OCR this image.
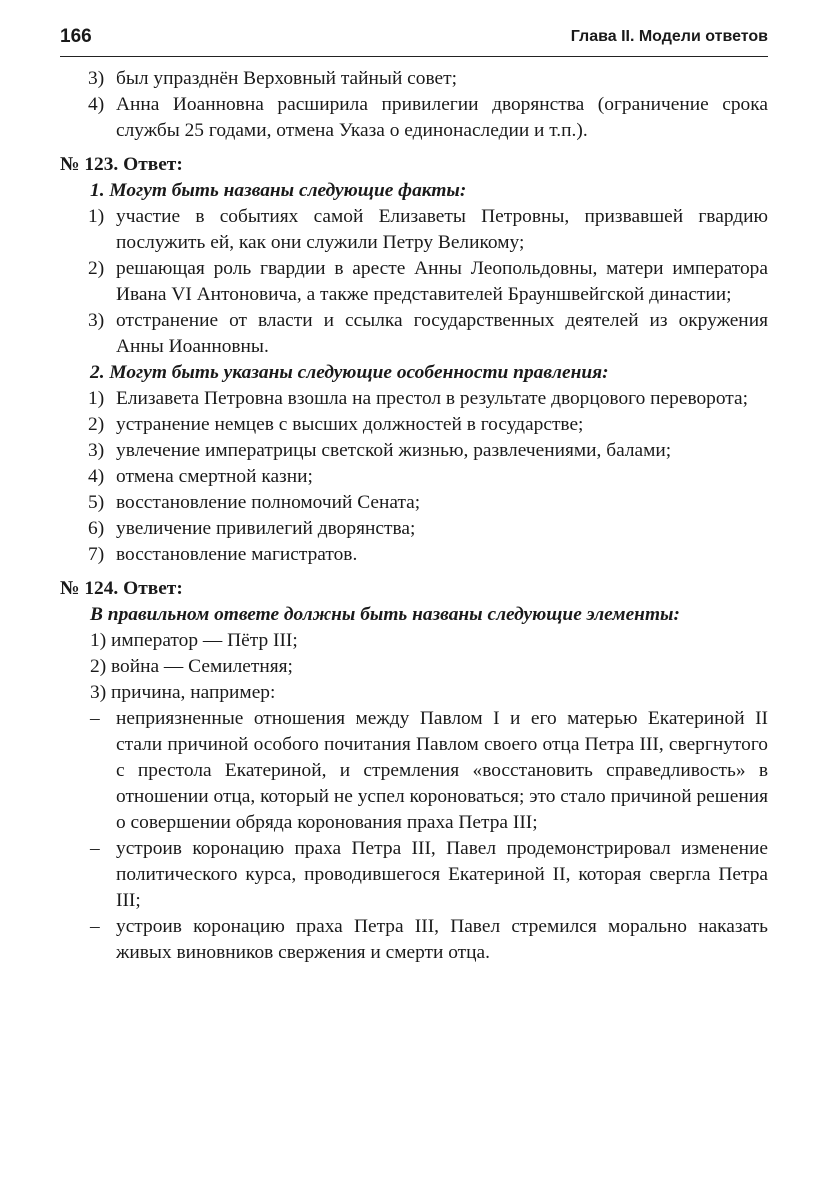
166	Глава II. Модели ответов
3) был упразднён Верховный тайный совет;
4) Анна Иоанновна расширила привилегии дворянства (ограничение срока службы 25 годами, отмена Указа о единонаследии и т.п.).
№ 123. Ответ:
1. Могут быть названы следующие факты:
1) участие в событиях самой Елизаветы Петровны, призвавшей гвардию послужить ей, как они служили Петру Великому;
2) решающая роль гвардии в аресте Анны Леопольдовны, матери императора Ивана VI Антоновича, а также представителей Брауншвейгской династии;
3) отстранение от власти и ссылка государственных деятелей из окружения Анны Иоанновны.
2. Могут быть указаны следующие особенности правления:
1) Елизавета Петровна взошла на престол в результате дворцового переворота;
2) устранение немцев с высших должностей в государстве;
3) увлечение императрицы светской жизнью, развлечениями, балами;
4) отмена смертной казни;
5) восстановление полномочий Сената;
6) увеличение привилегий дворянства;
7) восстановление магистратов.
№ 124. Ответ:
В правильном ответе должны быть названы следующие элементы:
1) император — Пётр III;
2) война — Семилетняя;
3) причина, например:
– неприязненные отношения между Павлом I и его матерью Екатериной II стали причиной особого почитания Павлом своего отца Петра III, свергнутого с престола Екатериной, и стремления «восстановить справедливость» в отношении отца, который не успел короноваться; это стало причиной решения о совершении обряда коронования праха Петра III;
– устроив коронацию праха Петра III, Павел продемонстрировал изменение политического курса, проводившегося Екатериной II, которая свергла Петра III;
– устроив коронацию праха Петра III, Павел стремился морально наказать живых виновников свержения и смерти отца.
